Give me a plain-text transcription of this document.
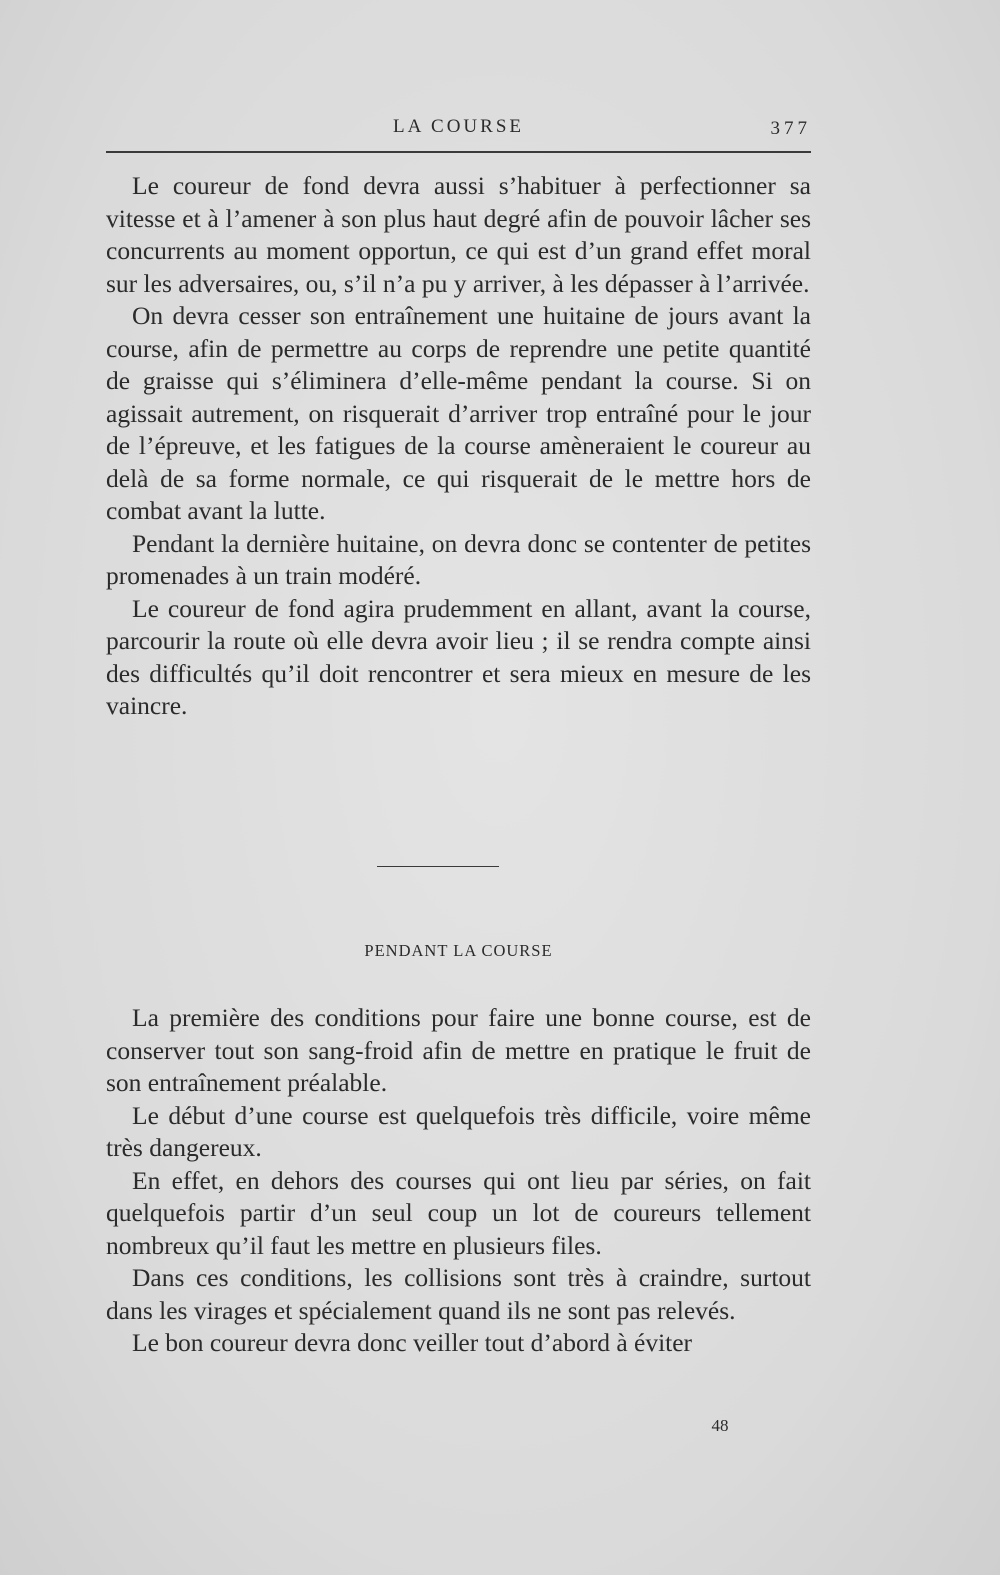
LA COURSE	377

Le coureur de fond devra aussi s’habituer à perfectionner sa vitesse et à l’amener à son plus haut degré afin de pouvoir lâcher ses concurrents au moment opportun, ce qui est d’un grand effet moral sur les adversaires, ou, s’il n’a pu y arriver, à les dépasser à l’arrivée.

On devra cesser son entraînement une huitaine de jours avant la course, afin de permettre au corps de reprendre une petite quantité de graisse qui s’éliminera d’elle-même pendant la course. Si on agissait autrement, on risquerait d’arriver trop entraîné pour le jour de l’épreuve, et les fatigues de la course amèneraient le coureur au delà de sa forme normale, ce qui risquerait de le mettre hors de combat avant la lutte.

Pendant la dernière huitaine, on devra donc se contenter de petites promenades à un train modéré.

Le coureur de fond agira prudemment en allant, avant la course, parcourir la route où elle devra avoir lieu ; il se rendra compte ainsi des difficultés qu’il doit rencontrer et sera mieux en mesure de les vaincre.

PENDANT LA COURSE

La première des conditions pour faire une bonne course, est de conserver tout son sang-froid afin de mettre en pratique le fruit de son entraînement préalable.

Le début d’une course est quelquefois très difficile, voire même très dangereux.

En effet, en dehors des courses qui ont lieu par séries, on fait quelquefois partir d’un seul coup un lot de coureurs tellement nombreux qu’il faut les mettre en plusieurs files.

Dans ces conditions, les collisions sont très à craindre, surtout dans les virages et spécialement quand ils ne sont pas relevés.

Le bon coureur devra donc veiller tout d’abord à éviter

48
